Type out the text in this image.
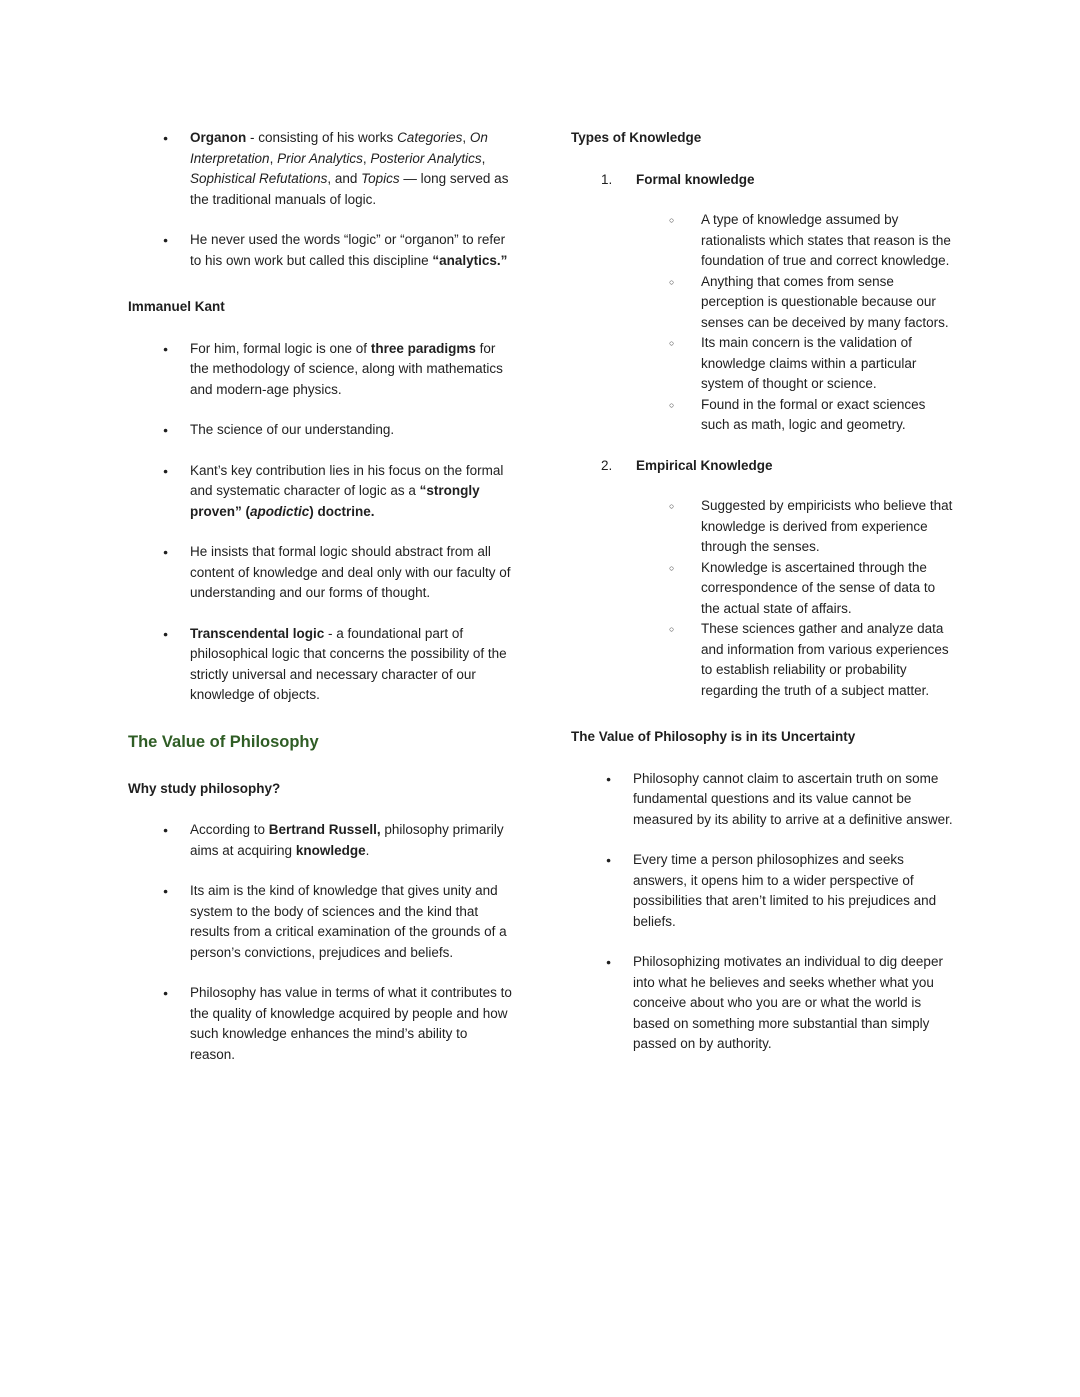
●	Organon - consisting of his works Categories, On Interpretation, Prior Analytics, Posterior Analytics, Sophistical Refutations, and Topics — long served as the traditional manuals of logic.
●	He never used the words “logic” or “organon” to refer to his own work but called this discipline “analytics.”
Immanuel Kant
●	For him, formal logic is one of three paradigms for the methodology of science, along with mathematics and modern-age physics.
●	The science of our understanding.
●	Kant’s key contribution lies in his focus on the formal and systematic character of logic as a “strongly proven” (apodictic) doctrine.
●	He insists that formal logic should abstract from all content of knowledge and deal only with our faculty of understanding and our forms of thought.
●	Transcendental logic - a foundational part of philosophical logic that concerns the possibility of the strictly universal and necessary character of our knowledge of objects.
The Value of Philosophy
Why study philosophy?
●	According to Bertrand Russell, philosophy primarily aims at acquiring knowledge.
●	Its aim is the kind of knowledge that gives unity and system to the body of sciences and the kind that results from a critical examination of the grounds of a person’s convictions, prejudices and beliefs.
●	Philosophy has value in terms of what it contributes to the quality of knowledge acquired by people and how such knowledge enhances the mind’s ability to reason.
Types of Knowledge
1.	Formal knowledge
○	A type of knowledge assumed by rationalists which states that reason is the foundation of true and correct knowledge.
○	Anything that comes from sense perception is questionable because our senses can be deceived by many factors.
○	Its main concern is the validation of knowledge claims within a particular system of thought or science.
○	Found in the formal or exact sciences such as math, logic and geometry.
2.	Empirical Knowledge
○	Suggested by empiricists who believe that knowledge is derived from experience through the senses.
○	Knowledge is ascertained through the correspondence of the sense of data to the actual state of affairs.
○	These sciences gather and analyze data and information from various experiences to establish reliability or probability regarding the truth of a subject matter.
The Value of Philosophy is in its Uncertainty
●	Philosophy cannot claim to ascertain truth on some fundamental questions and its value cannot be measured by its ability to arrive at a definitive answer.
●	Every time a person philosophizes and seeks answers, it opens him to a wider perspective of possibilities that aren’t limited to his prejudices and beliefs.
●	Philosophizing motivates an individual to dig deeper into what he believes and seeks whether what you conceive about who you are or what the world is based on something more substantial than simply passed on by authority.
